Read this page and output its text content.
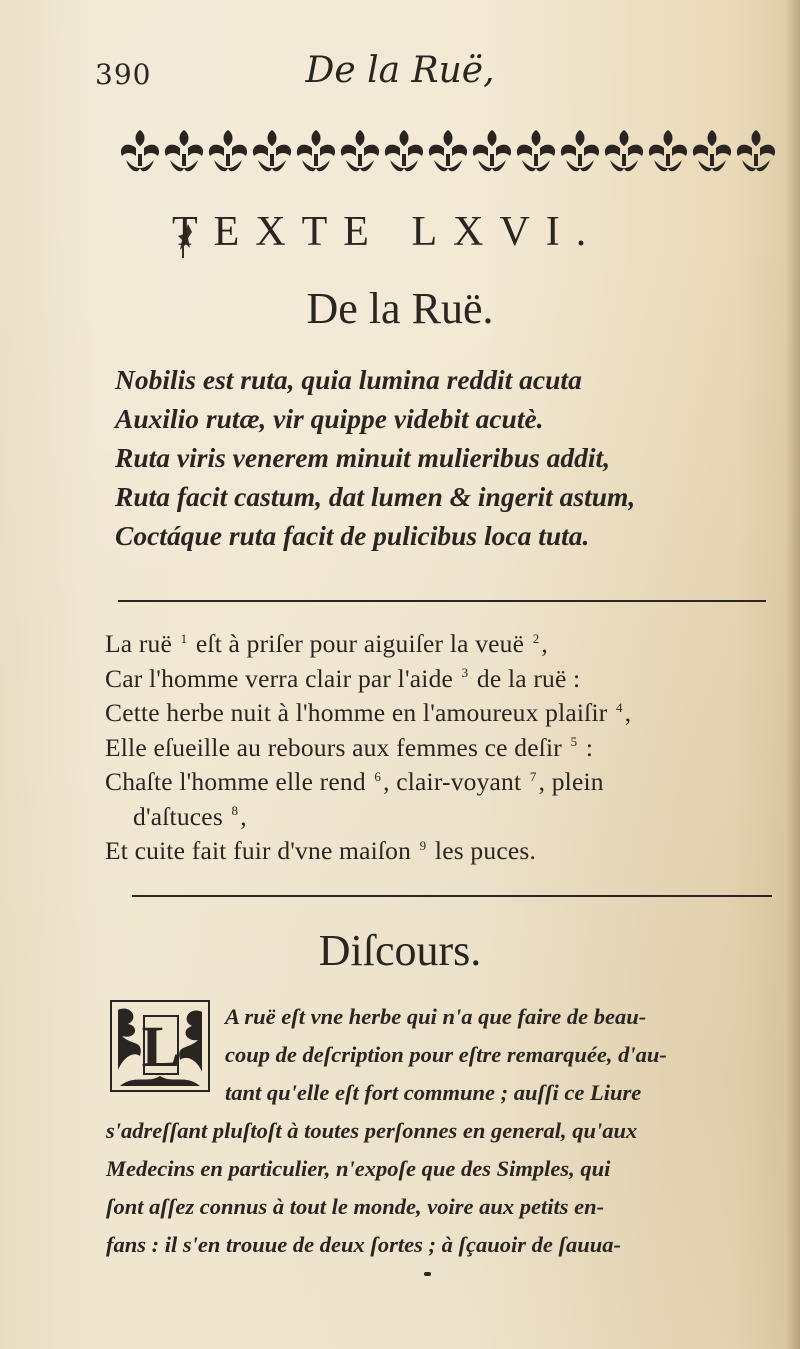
390	De la Ruë,
TEXTE LXVI.
De la Ruë.
Nobilis est ruta, quia lumina reddit acuta
Auxilio rutæ, vir quippe videbit acutè.
Ruta viris venerem minuit mulieribus addit,
Ruta facit castum, dat lumen & ingerit astum,
Coctáque ruta facit de pulicibus loca tuta.
La ruë $^1$ eſt à priſer pour aiguiſer la veuë $^2$,
Car l'homme verra clair par l'aide $^3$ de la ruë :
Cette herbe nuit à l'homme en l'amoureux plaiſir $^4$,
Elle eſueille au rebours aux femmes ce deſir $^5$ :
Chaſte l'homme elle rend $^6$, clair-voyant $^7$, plein
d'aſtuces $^8$,
Et cuite fait fuir d'vne maiſon $^9$ les puces.
Diſcours.
L A ruë eſt vne herbe qui n'a que faire de beau-
coup de deſcription pour eſtre remarquée, d'au-
tant qu'elle eſt fort commune ; auſſi ce Liure
s'adreſſant pluſtoſt à toutes perſonnes en general, qu'aux
Medecins en particulier, n'expoſe que des Simples, qui
ſont aſſez connus à tout le monde, voire aux petits en-
fans : il s'en trouue de deux ſortes ; à ſçauoir de ſauua-
